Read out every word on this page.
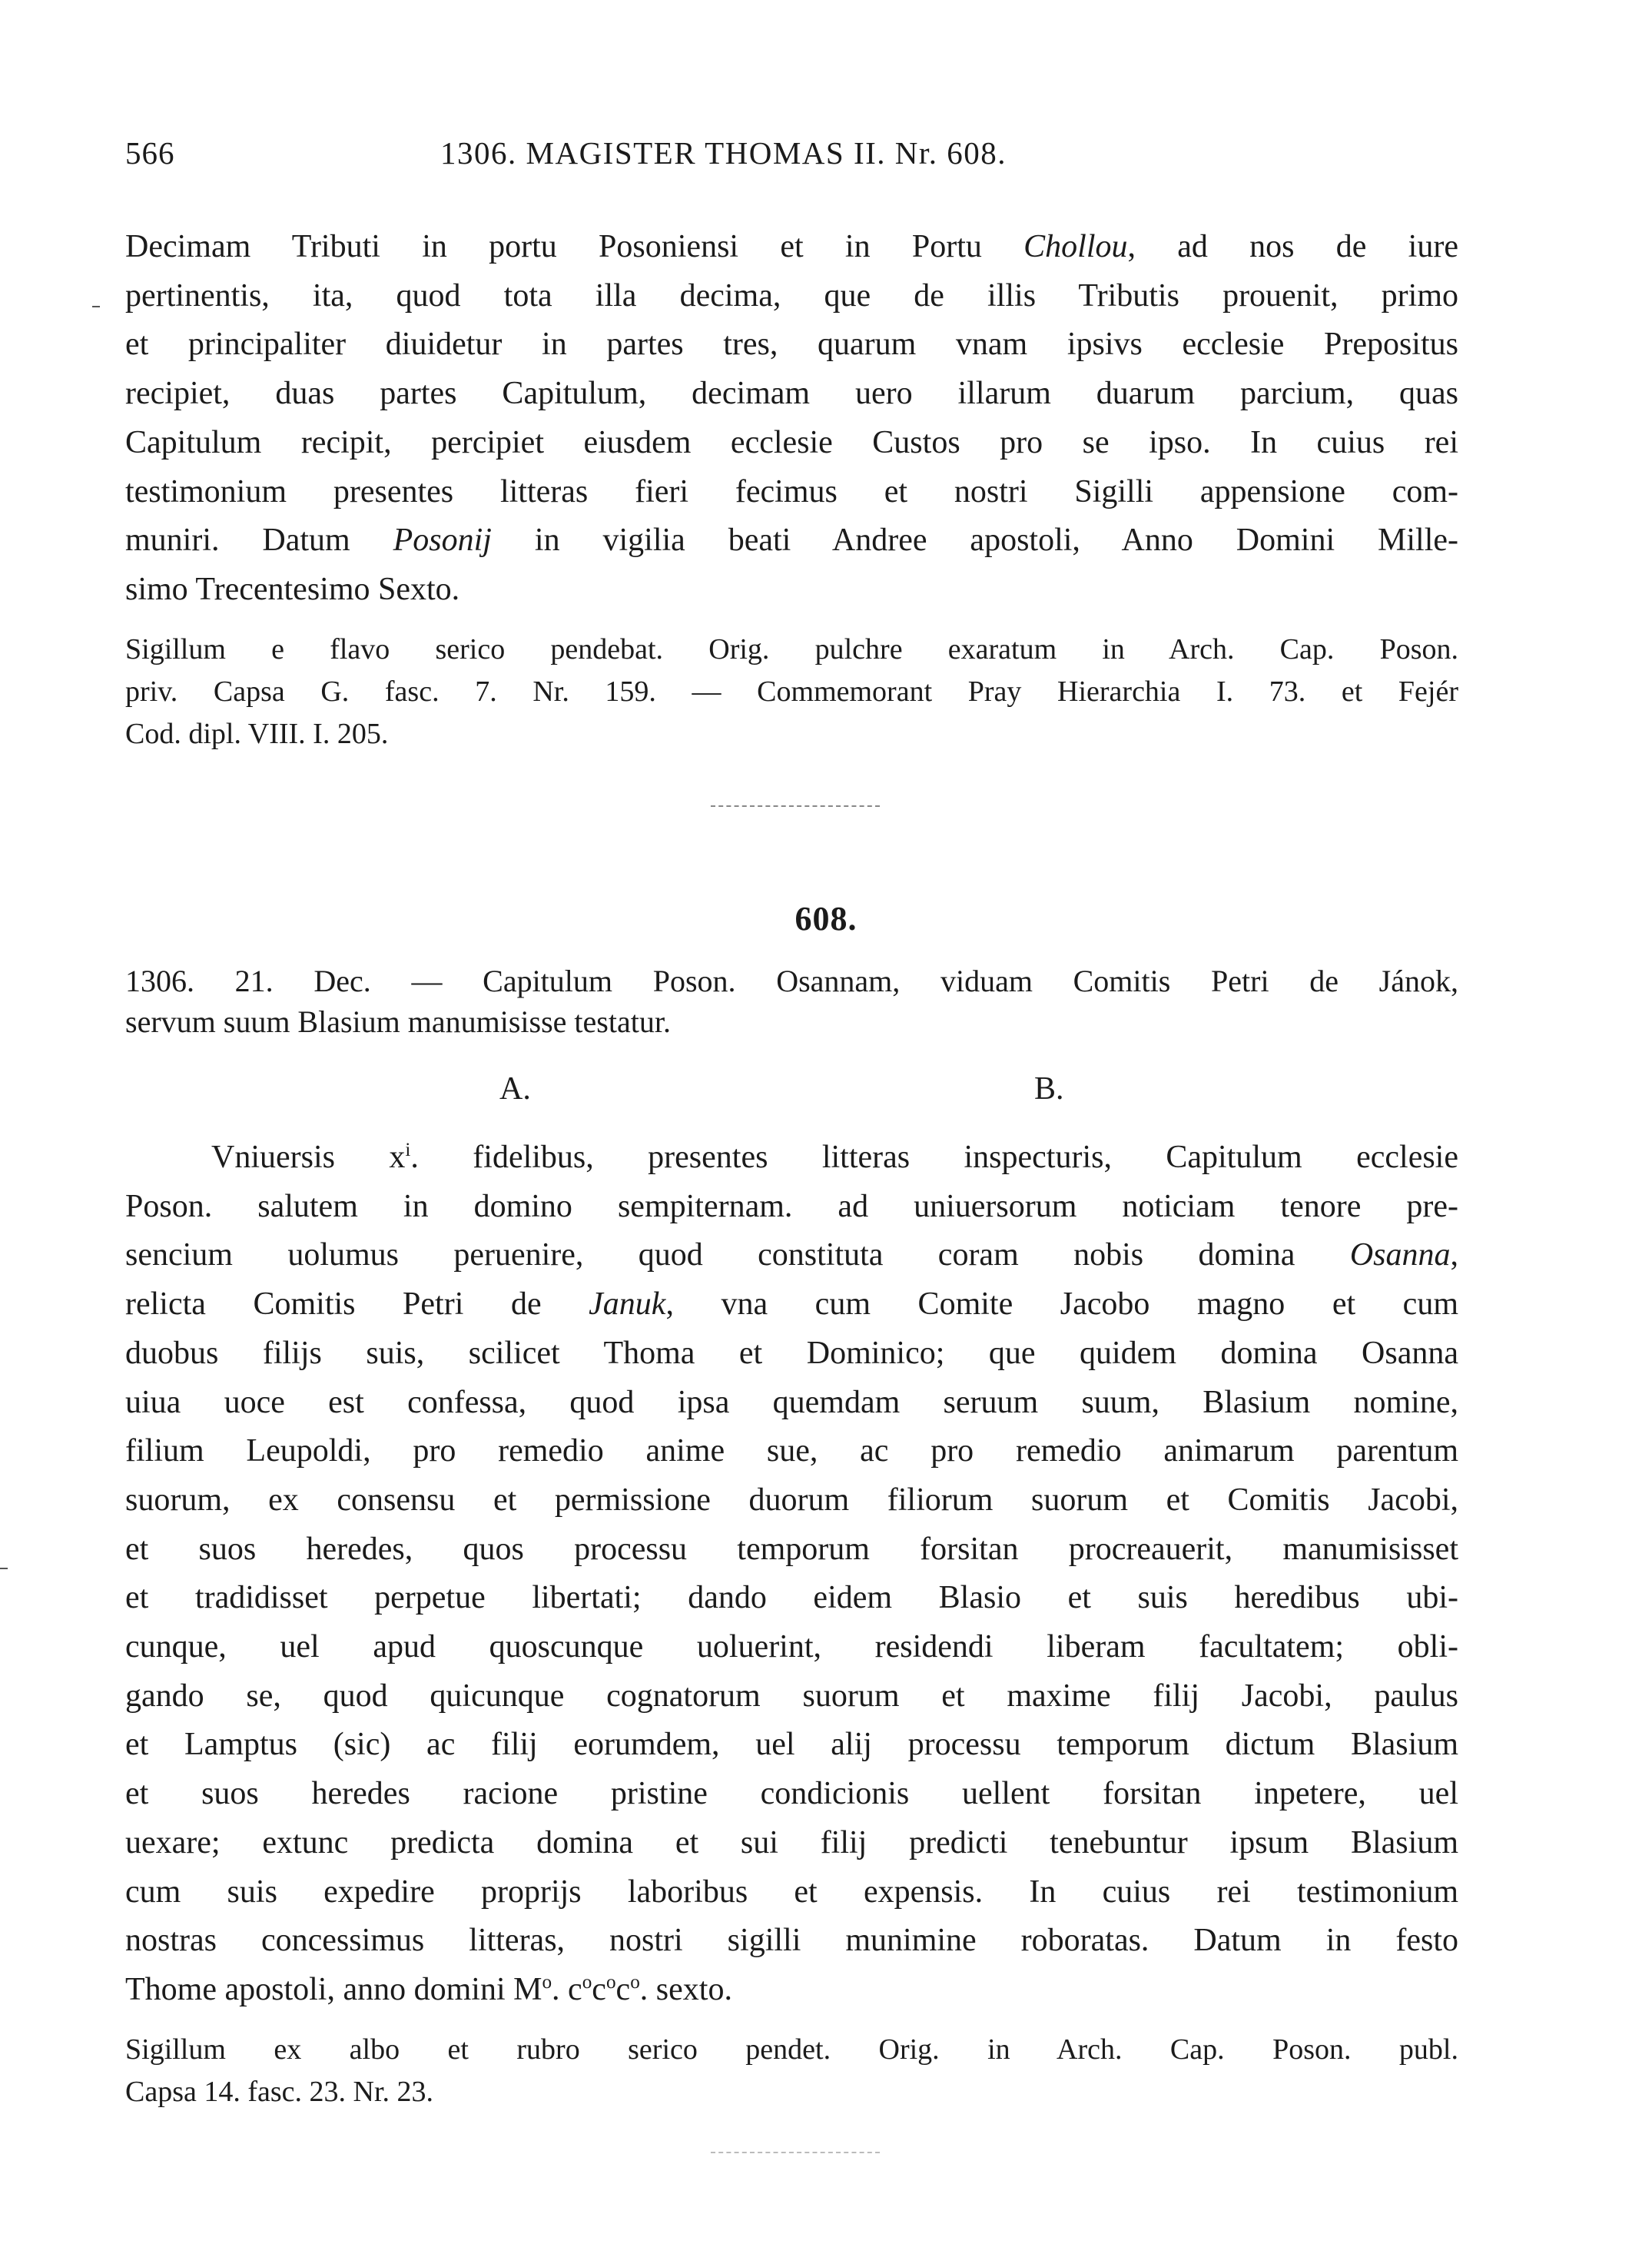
566	1306. MAGISTER THOMAS II. Nr. 608.
Decimam Tributi in portu Posoniensi et in Portu Chollou, ad nos de iure
pertinentis, ita, quod tota illa decima, que de illis Tributis prouenit, primo
et principaliter diuidetur in partes tres, quarum vnam ipsivs ecclesie Prepositus
recipiet, duas partes Capitulum, decimam uero illarum duarum parcium, quas
Capitulum recipit, percipiet eiusdem ecclesie Custos pro se ipso. In cuius rei
testimonium presentes litteras fieri fecimus et nostri Sigilli appensione com-
muniri. Datum Posonij in vigilia beati Andree apostoli, Anno Domini Mille-
simo Trecentesimo Sexto.
Sigillum e flavo serico pendebat. Orig. pulchre exaratum in Arch. Cap. Poson.
priv. Capsa G. fasc. 7. Nr. 159. — Commemorant Pray Hierarchia I. 73. et Fejér
Cod. dipl. VIII. I. 205.
608.
1306. 21. Dec. — Capitulum Poson. Osannam, viduam Comitis Petri de Jánok,
servum suum Blasium manumisisse testatur.
A.	B.
Vniuersis $x^i$. fidelibus, presentes litteras inspecturis, Capitulum ecclesie
Poson. salutem in domino sempiternam. ad uniuersorum noticiam tenore pre-
sencium uolumus peruenire, quod constituta coram nobis domina Osanna,
relicta Comitis Petri de Januk, vna cum Comite Jacobo magno et cum
duobus filijs suis, scilicet Thoma et Dominico; que quidem domina Osanna
uiua uoce est confessa, quod ipsa quemdam seruum suum, Blasium nomine,
filium Leupoldi, pro remedio anime sue, ac pro remedio animarum parentum
suorum, ex consensu et permissione duorum filiorum suorum et Comitis Jacobi,
et suos heredes, quos processu temporum forsitan procreauerit, manumisisset
et tradidisset perpetue libertati; dando eidem Blasio et suis heredibus ubi-
cunque, uel apud quoscunque uoluerint, residendi liberam facultatem; obli-
gando se, quod quicunque cognatorum suorum et maxime filij Jacobi, paulus
et Lamptus (sic) ac filij eorumdem, uel alij processu temporum dictum Blasium
et suos heredes racione pristine condicionis uellent forsitan inpetere, uel
uexare; extunc predicta domina et sui filij predicti tenebuntur ipsum Blasium
cum suis expedire proprijs laboribus et expensis. In cuius rei testimonium
nostras concessimus litteras, nostri sigilli munimine roboratas. Datum in festo
Thome apostoli, anno domini $M^o$. $c^oc^oc^o$. sexto.
Sigillum ex albo et rubro serico pendet. Orig. in Arch. Cap. Poson. publ.
Capsa 14. fasc. 23. Nr. 23.
